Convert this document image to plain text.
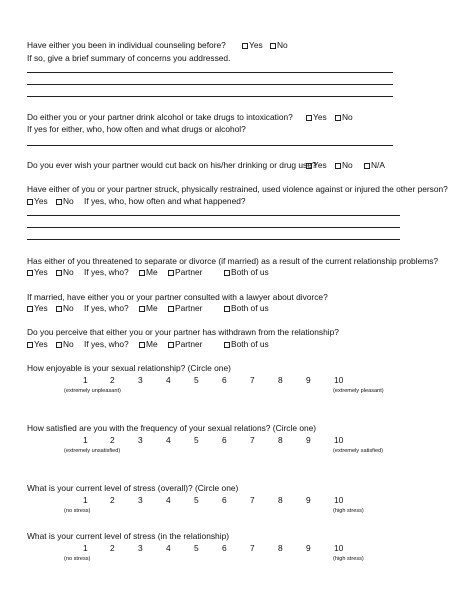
Have either you been in individual counseling before?	Yes	No
If so, give a brief summary of concerns you addressed.
Do either you or your partner drink alcohol or take drugs to intoxication?	Yes	No
If yes for either, who, how often and what drugs or alcohol?
Do you ever wish your partner would cut back on his/her drinking or drug use?
Yes	No	N/A
Have either of you or your partner struck, physically restrained, used violence against or injured the other person?
Yes	No If yes, who, how often and what happened?
Has either of you threatened to separate or divorce (if married) as a result of the current relationship problems?
Yes	No If yes, who?	Me	Partner	Both of us
If married, have either you or your partner consulted with a lawyer about divorce?
Yes	No If yes, who?	Me	Partner	Both of us
Do you perceive that either you or your partner has withdrawn from the relationship?
Yes	No If yes, who?	Me	Partner	Both of us
How enjoyable is your sexual relationship? (Circle one)
1	2	3	4	5	6	7	8	9	10
(extremely unpleasant)	(extremely pleasant)
How satisfied are you with the frequency of your sexual relations? (Circle one)
1	2	3	4	5	6	7	8	9	10
(extremely unsatisfied)	(extremely satisfied)
What is your current level of stress (overall)? (Circle one)
1	2	3	4	5	6	7	8	9	10
(no stress)	(high stress)
What is your current level of stress (in the relationship)
1	2	3	4	5	6	7	8	9	10
(no stress)	(high stress)
